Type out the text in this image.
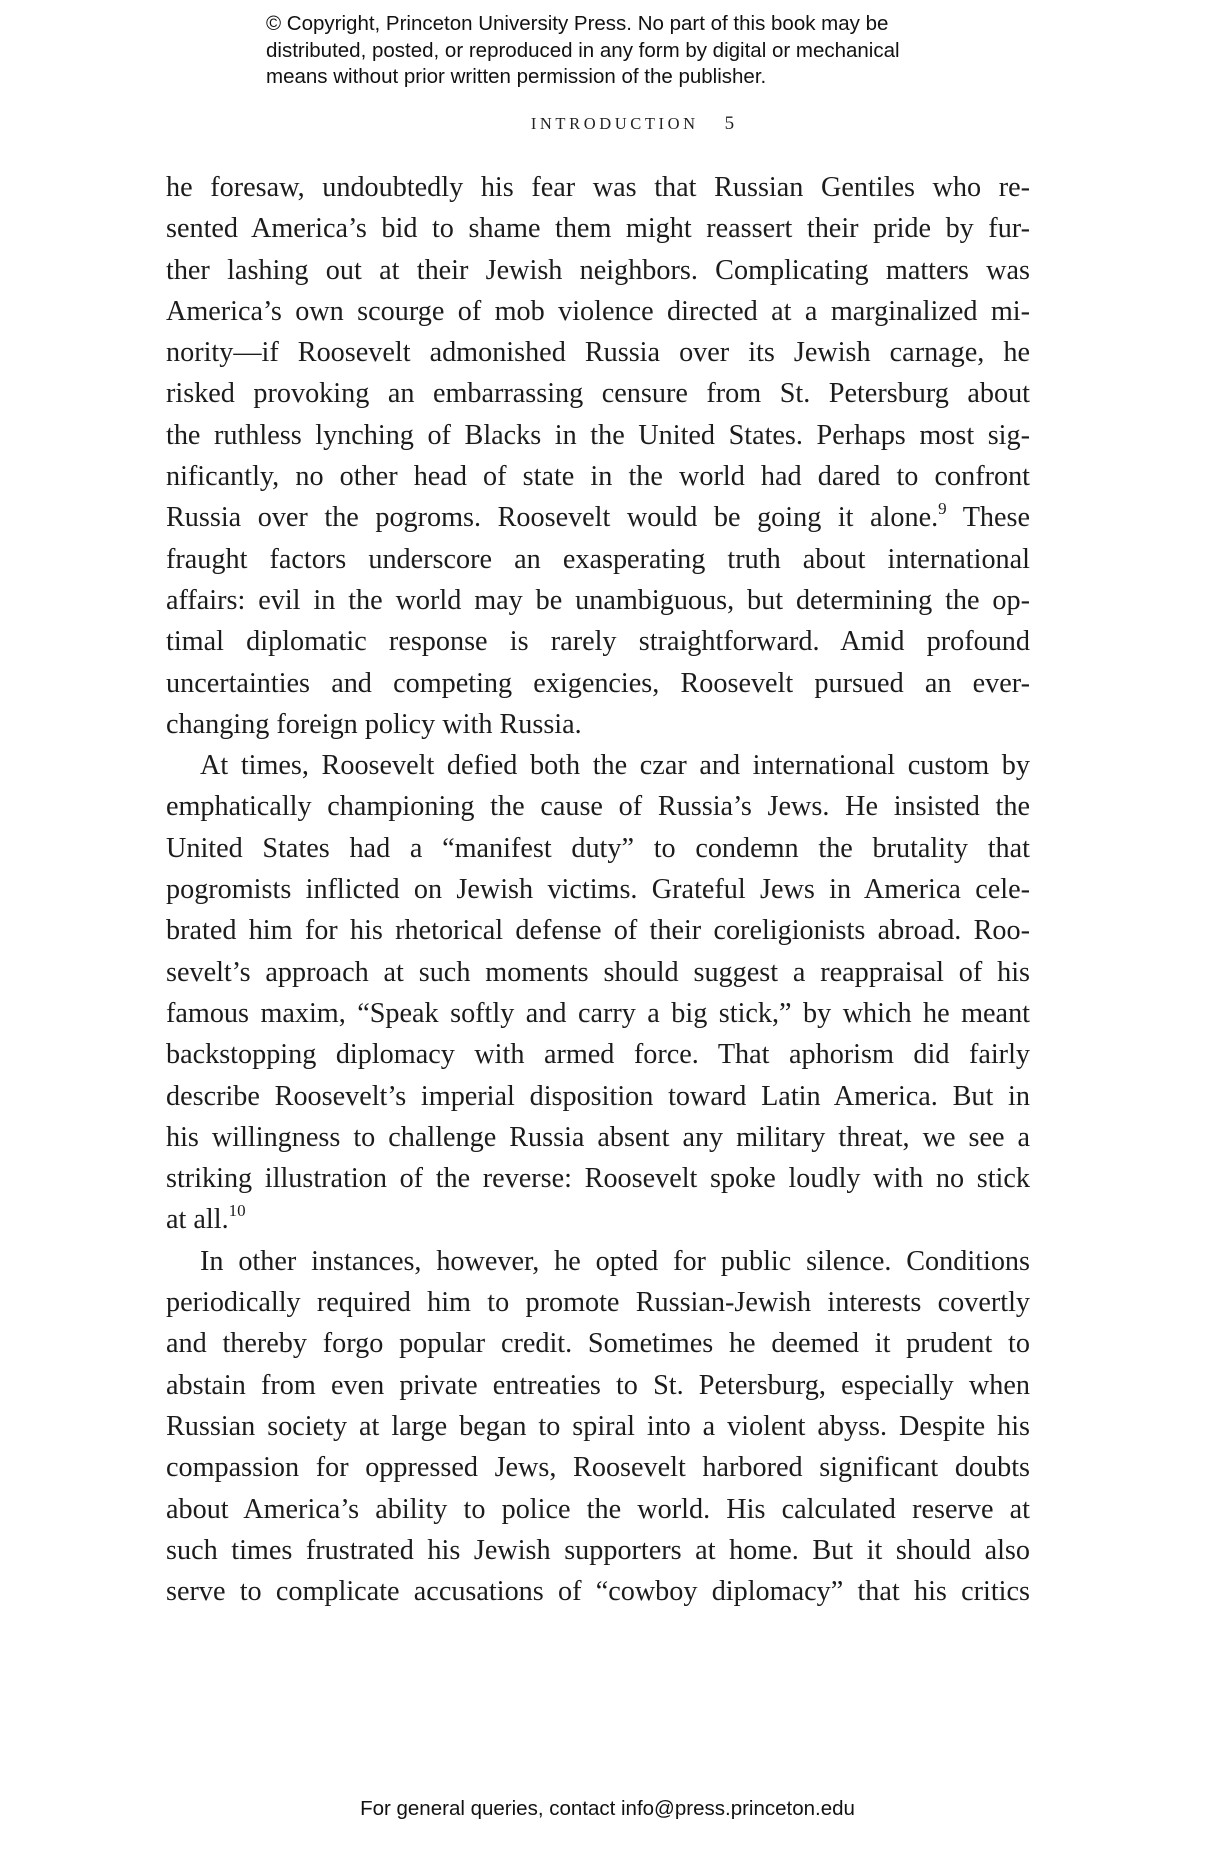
© Copyright, Princeton University Press. No part of this book may be
distributed, posted, or reproduced in any form by digital or mechanical
means without prior written permission of the publisher.
INTRODUCTION 5
he foresaw, undoubtedly his fear was that Russian Gentiles who re-
sented America’s bid to shame them might reassert their pride by fur-
ther lashing out at their Jewish neighbors. Complicating matters was
America’s own scourge of mob violence directed at a marginalized mi-
nority—if Roosevelt admonished Russia over its Jewish carnage, he
risked provoking an embarrassing censure from St. Petersburg about
the ruthless lynching of Blacks in the United States. Perhaps most sig-
nificantly, no other head of state in the world had dared to confront
Russia over the pogroms. Roosevelt would be going it alone.$^9$ These
fraught factors underscore an exasperating truth about international
affairs: evil in the world may be unambiguous, but determining the op-
timal diplomatic response is rarely straightforward. Amid profound
uncertainties and competing exigencies, Roosevelt pursued an ever-
changing foreign policy with Russia.
At times, Roosevelt defied both the czar and international custom by
emphatically championing the cause of Russia’s Jews. He insisted the
United States had a “manifest duty” to condemn the brutality that
pogromists inflicted on Jewish victims. Grateful Jews in America cele-
brated him for his rhetorical defense of their coreligionists abroad. Roo-
sevelt’s approach at such moments should suggest a reappraisal of his
famous maxim, “Speak softly and carry a big stick,” by which he meant
backstopping diplomacy with armed force. That aphorism did fairly
describe Roosevelt’s imperial disposition toward Latin America. But in
his willingness to challenge Russia absent any military threat, we see a
striking illustration of the reverse: Roosevelt spoke loudly with no stick
at all.$^{10}$
In other instances, however, he opted for public silence. Conditions
periodically required him to promote Russian-Jewish interests covertly
and thereby forgo popular credit. Sometimes he deemed it prudent to
abstain from even private entreaties to St. Petersburg, especially when
Russian society at large began to spiral into a violent abyss. Despite his
compassion for oppressed Jews, Roosevelt harbored significant doubts
about America’s ability to police the world. His calculated reserve at
such times frustrated his Jewish supporters at home. But it should also
serve to complicate accusations of “cowboy diplomacy” that his critics
For general queries, contact info@press.princeton.edu
